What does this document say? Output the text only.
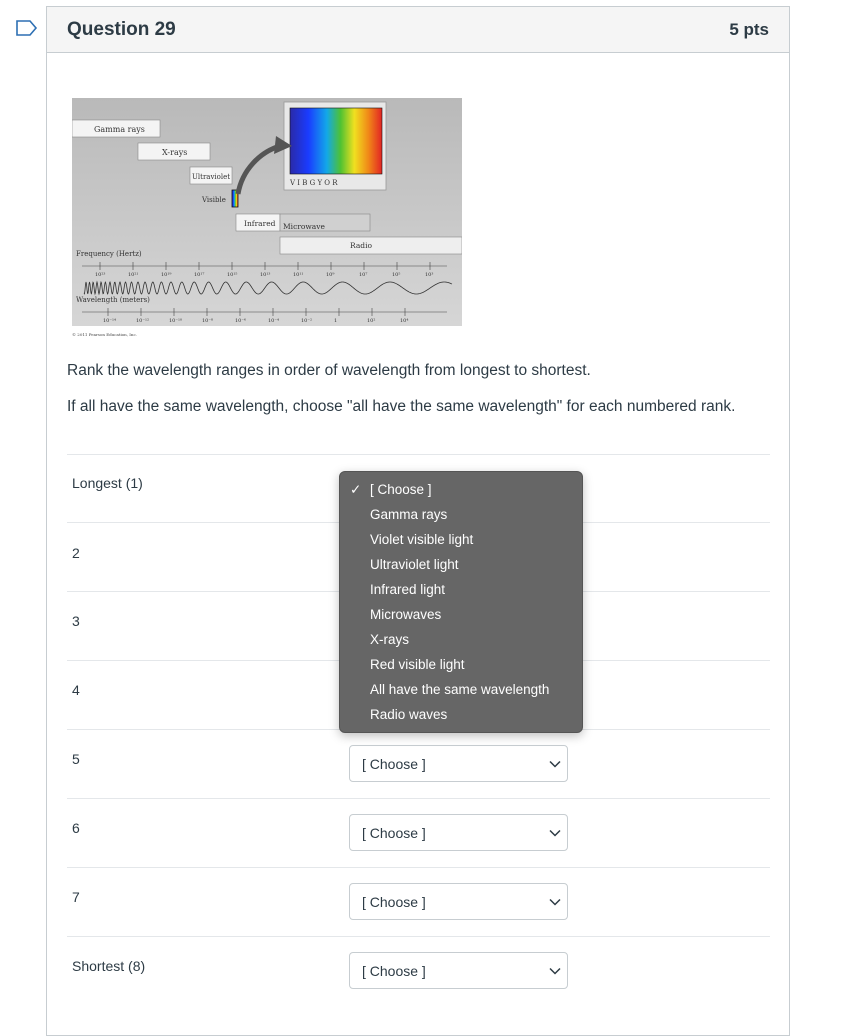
Question 29	5 pts
Gamma rays
X-rays
Ultraviolet
Visible
Infrared Microwave
Radio
V I B G Y O R
Frequency (Hertz)
10²³	10²¹	10¹⁹	10¹⁷	10¹⁵	10¹³	10¹¹	10⁹	10⁷	10⁵	10³
Wavelength (meters)
10⁻¹⁴	10⁻¹²	10⁻¹⁰	10⁻⁸	10⁻⁶	10⁻⁴	10⁻²	1	10²	10⁴
© 2011 Pearson Education, Inc.
Rank the wavelength ranges in order of wavelength from longest to shortest.
If all have the same wavelength, choose "all have the same wavelength" for each numbered rank.
Longest (1)
2
3
4
5	[ Choose ]
6	[ Choose ]
7	[ Choose ]
Shortest (8)	[ Choose ]
✓ [ Choose ]
Gamma rays
Violet visible light
Ultraviolet light
Infrared light
Microwaves
X-rays
Red visible light
All have the same wavelength
Radio waves
